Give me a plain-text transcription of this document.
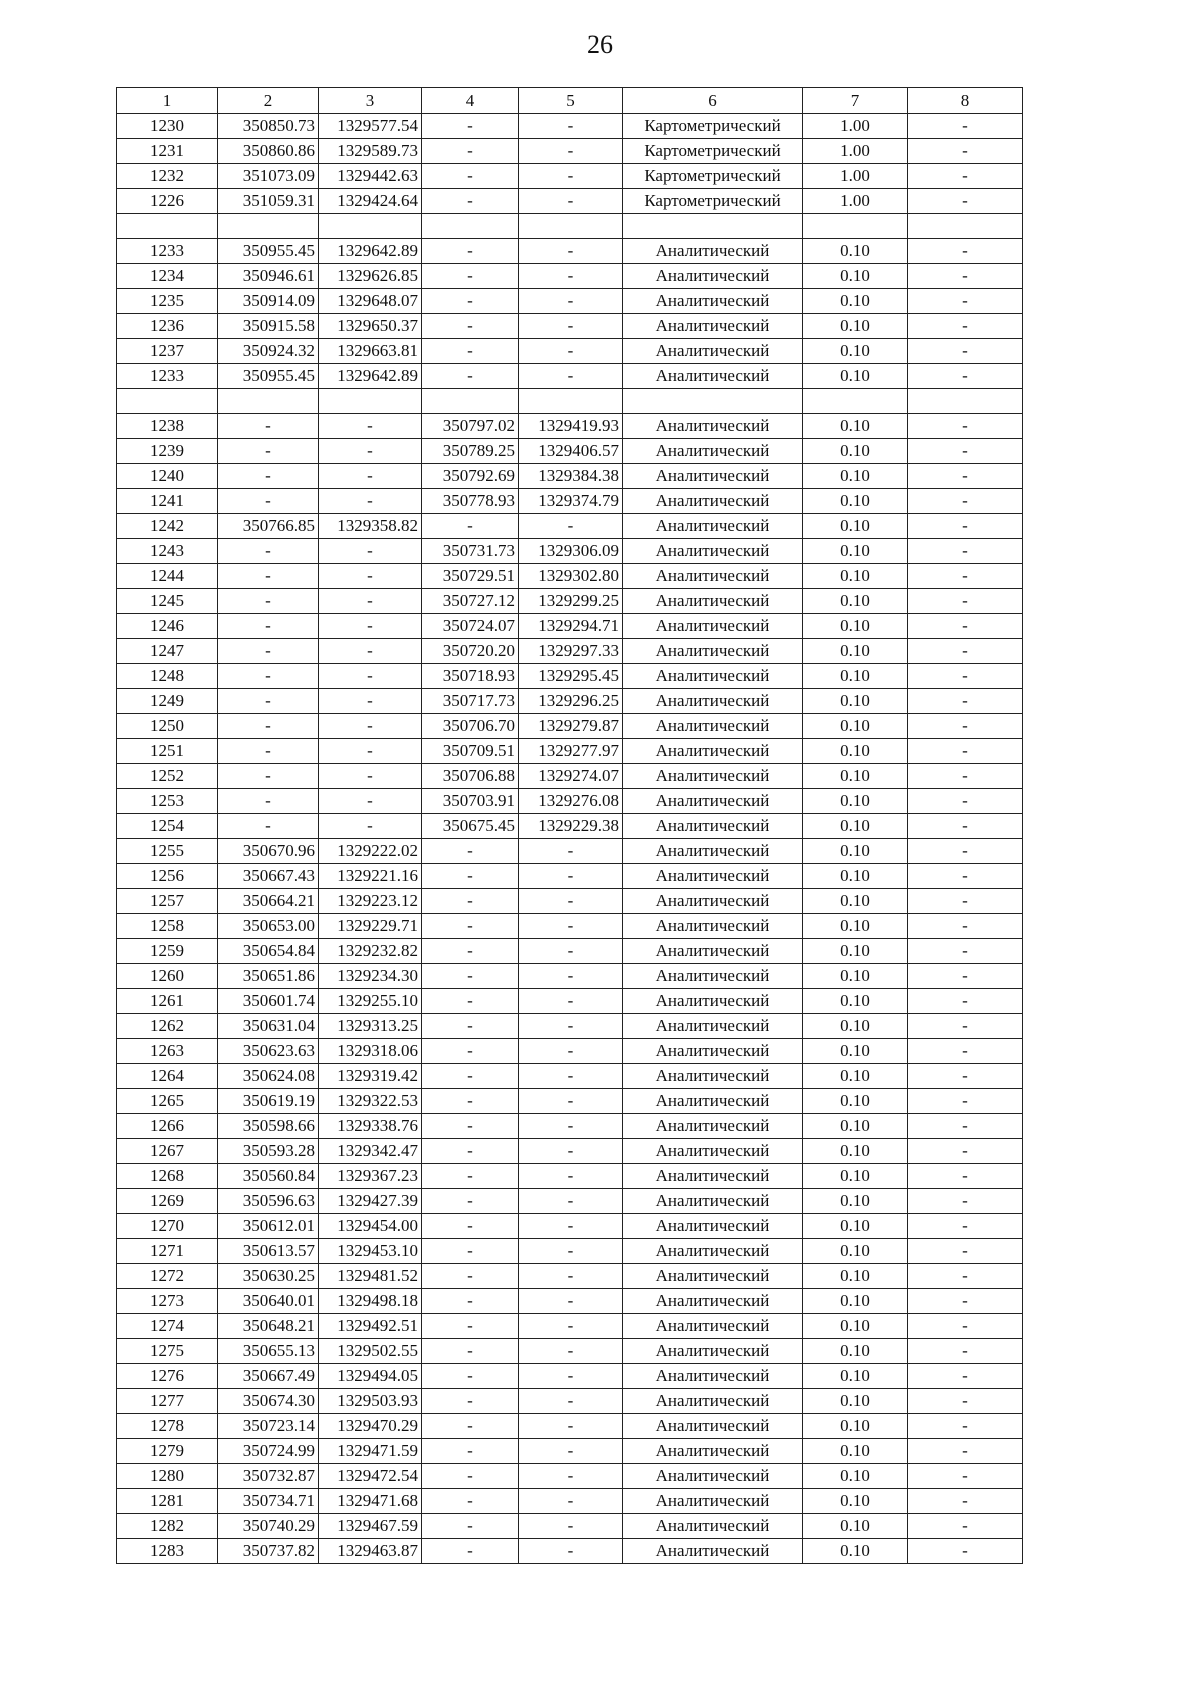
26
1	2	3	4	5	6	7	8
1230	350850.73	1329577.54	-	-	Картометрический	1.00	-
1231	350860.86	1329589.73	-	-	Картометрический	1.00	-
1232	351073.09	1329442.63	-	-	Картометрический	1.00	-
1226	351059.31	1329424.64	-	-	Картометрический	1.00	-

1233	350955.45	1329642.89	-	-	Аналитический	0.10	-
1234	350946.61	1329626.85	-	-	Аналитический	0.10	-
1235	350914.09	1329648.07	-	-	Аналитический	0.10	-
1236	350915.58	1329650.37	-	-	Аналитический	0.10	-
1237	350924.32	1329663.81	-	-	Аналитический	0.10	-
1233	350955.45	1329642.89	-	-	Аналитический	0.10	-

1238	-	-	350797.02	1329419.93	Аналитический	0.10	-
1239	-	-	350789.25	1329406.57	Аналитический	0.10	-
1240	-	-	350792.69	1329384.38	Аналитический	0.10	-
1241	-	-	350778.93	1329374.79	Аналитический	0.10	-
1242	350766.85	1329358.82	-	-	Аналитический	0.10	-
1243	-	-	350731.73	1329306.09	Аналитический	0.10	-
1244	-	-	350729.51	1329302.80	Аналитический	0.10	-
1245	-	-	350727.12	1329299.25	Аналитический	0.10	-
1246	-	-	350724.07	1329294.71	Аналитический	0.10	-
1247	-	-	350720.20	1329297.33	Аналитический	0.10	-
1248	-	-	350718.93	1329295.45	Аналитический	0.10	-
1249	-	-	350717.73	1329296.25	Аналитический	0.10	-
1250	-	-	350706.70	1329279.87	Аналитический	0.10	-
1251	-	-	350709.51	1329277.97	Аналитический	0.10	-
1252	-	-	350706.88	1329274.07	Аналитический	0.10	-
1253	-	-	350703.91	1329276.08	Аналитический	0.10	-
1254	-	-	350675.45	1329229.38	Аналитический	0.10	-
1255	350670.96	1329222.02	-	-	Аналитический	0.10	-
1256	350667.43	1329221.16	-	-	Аналитический	0.10	-
1257	350664.21	1329223.12	-	-	Аналитический	0.10	-
1258	350653.00	1329229.71	-	-	Аналитический	0.10	-
1259	350654.84	1329232.82	-	-	Аналитический	0.10	-
1260	350651.86	1329234.30	-	-	Аналитический	0.10	-
1261	350601.74	1329255.10	-	-	Аналитический	0.10	-
1262	350631.04	1329313.25	-	-	Аналитический	0.10	-
1263	350623.63	1329318.06	-	-	Аналитический	0.10	-
1264	350624.08	1329319.42	-	-	Аналитический	0.10	-
1265	350619.19	1329322.53	-	-	Аналитический	0.10	-
1266	350598.66	1329338.76	-	-	Аналитический	0.10	-
1267	350593.28	1329342.47	-	-	Аналитический	0.10	-
1268	350560.84	1329367.23	-	-	Аналитический	0.10	-
1269	350596.63	1329427.39	-	-	Аналитический	0.10	-
1270	350612.01	1329454.00	-	-	Аналитический	0.10	-
1271	350613.57	1329453.10	-	-	Аналитический	0.10	-
1272	350630.25	1329481.52	-	-	Аналитический	0.10	-
1273	350640.01	1329498.18	-	-	Аналитический	0.10	-
1274	350648.21	1329492.51	-	-	Аналитический	0.10	-
1275	350655.13	1329502.55	-	-	Аналитический	0.10	-
1276	350667.49	1329494.05	-	-	Аналитический	0.10	-
1277	350674.30	1329503.93	-	-	Аналитический	0.10	-
1278	350723.14	1329470.29	-	-	Аналитический	0.10	-
1279	350724.99	1329471.59	-	-	Аналитический	0.10	-
1280	350732.87	1329472.54	-	-	Аналитический	0.10	-
1281	350734.71	1329471.68	-	-	Аналитический	0.10	-
1282	350740.29	1329467.59	-	-	Аналитический	0.10	-
1283	350737.82	1329463.87	-	-	Аналитический	0.10	-
